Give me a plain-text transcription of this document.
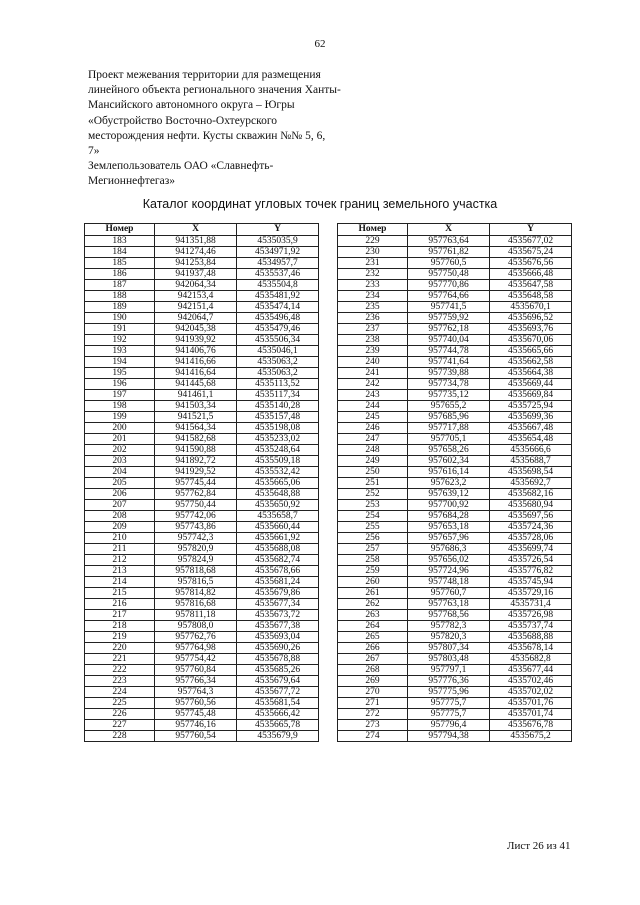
62
Проект межевания территории для размещения
линейного объекта регионального значения Ханты-
Мансийского автономного округа – Югры
«Обустройство Восточно-Охтеурского
месторождения нефти. Кусты скважин №№ 5, 6,
7»
Землепользователь ОАО «Славнефть-
Мегионнефтегаз»
Каталог координат угловых точек границ земельного участка
Номер	X	Y
183	941351,88	4535035,9
184	941274,46	4534971,92
185	941253,84	4534957,7
186	941937,48	4535537,46
187	942064,34	4535504,8
188	942153,4	4535481,92
189	942151,4	4535474,14
190	942064,7	4535496,48
191	942045,38	4535479,46
192	941939,92	4535506,34
193	941406,76	4535046,1
194	941416,66	4535063,2
195	941416,64	4535063,2
196	941445,68	4535113,52
197	941461,1	4535117,34
198	941503,34	4535140,28
199	941521,5	4535157,48
200	941564,34	4535198,08
201	941582,68	4535233,02
202	941590,88	4535248,64
203	941892,72	4535509,18
204	941929,52	4535532,42
205	957745,44	4535665,06
206	957762,84	4535648,88
207	957750,44	4535650,92
208	957742,06	4535658,7
209	957743,86	4535660,44
210	957742,3	4535661,92
211	957820,9	4535688,08
212	957824,9	4535682,74
213	957818,68	4535678,66
214	957816,5	4535681,24
215	957814,82	4535679,86
216	957816,68	4535677,34
217	957811,18	4535673,72
218	957808,0	4535677,38
219	957762,76	4535693,04
220	957764,98	4535690,26
221	957754,42	4535678,88
222	957760,84	4535685,26
223	957766,34	4535679,64
224	957764,3	4535677,72
225	957760,56	4535681,54
226	957745,48	4535666,42
227	957746,16	4535665,78
228	957760,54	4535679,9
Номер	X	Y
229	957763,64	4535677,02
230	957761,82	4535675,24
231	957760,5	4535676,56
232	957750,48	4535666,48
233	957770,86	4535647,58
234	957764,66	4535648,58
235	957741,5	4535670,1
236	957759,92	4535696,52
237	957762,18	4535693,76
238	957740,04	4535670,06
239	957744,78	4535665,66
240	957741,64	4535662,58
241	957739,88	4535664,38
242	957734,78	4535669,44
243	957735,12	4535669,84
244	957655,2	4535725,94
245	957685,96	4535699,36
246	957717,88	4535667,48
247	957705,1	4535654,48
248	957658,26	4535666,6
249	957602,34	4535688,7
250	957616,14	4535698,54
251	957623,2	4535692,7
252	957639,12	4535682,16
253	957700,92	4535680,94
254	957684,28	4535697,56
255	957653,18	4535724,36
256	957657,96	4535728,06
257	957686,3	4535699,74
258	957656,02	4535726,54
259	957724,96	4535776,82
260	957748,18	4535745,94
261	957760,7	4535729,16
262	957763,18	4535731,4
263	957768,56	4535726,98
264	957782,3	4535737,74
265	957820,3	4535688,88
266	957807,34	4535678,14
267	957803,48	4535682,8
268	957797,1	4535677,44
269	957776,36	4535702,46
270	957775,96	4535702,02
271	957775,7	4535701,76
272	957775,7	4535701,74
273	957796,4	4535676,78
274	957794,38	4535675,2
Лист 26 из 41
